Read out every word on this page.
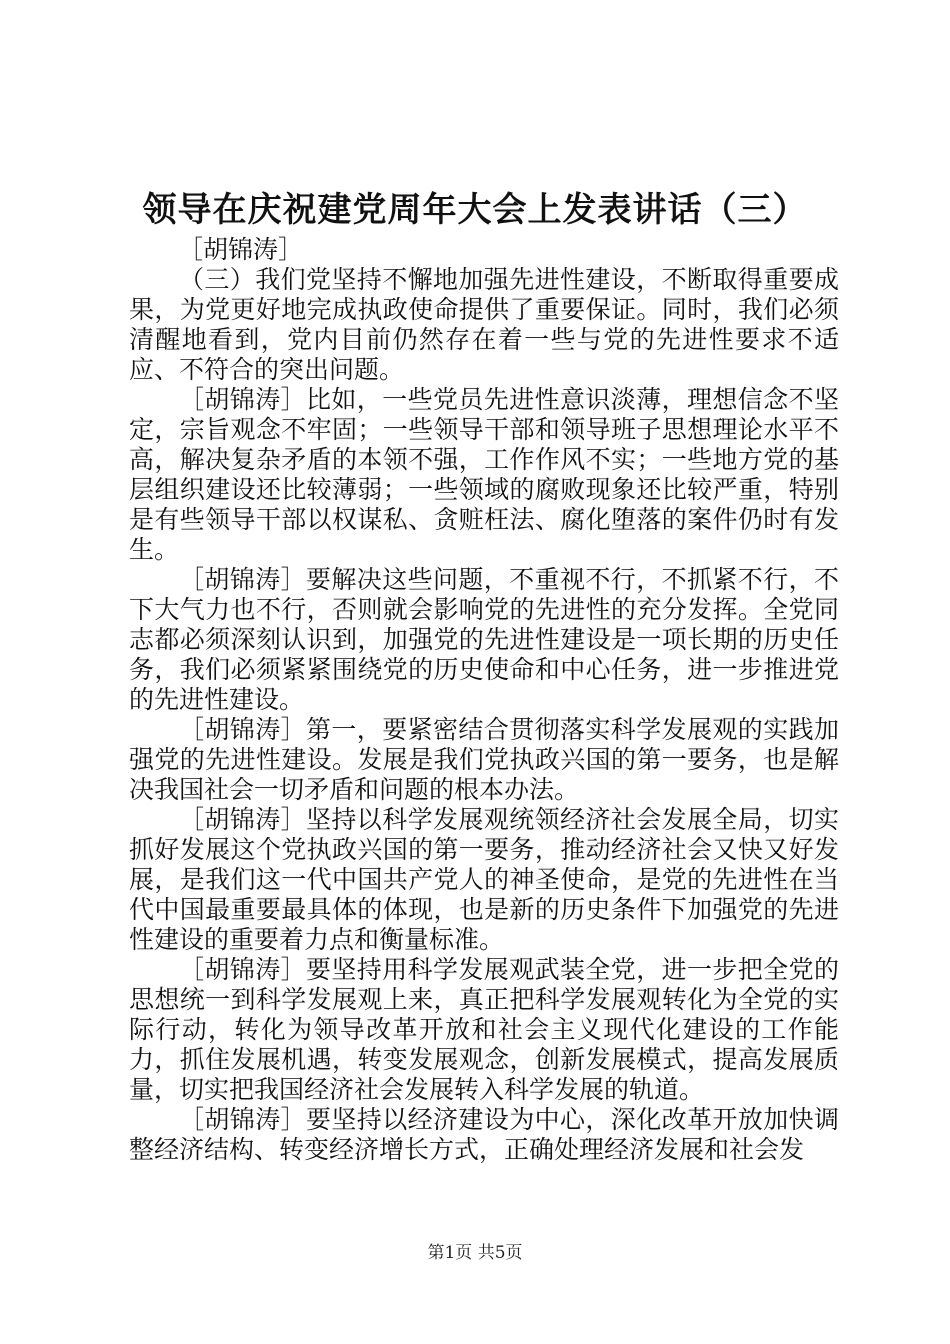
领导在庆祝建党周年大会上发表讲话（三）

［胡锦涛］

（三）我们党坚持不懈地加强先进性建设，不断取得重要成果，为党更好地完成执政使命提供了重要保证。同时，我们必须清醒地看到，党内目前仍然存在着一些与党的先进性要求不适应、不符合的突出问题。

［胡锦涛］比如，一些党员先进性意识淡薄，理想信念不坚定，宗旨观念不牢固；一些领导干部和领导班子思想理论水平不高，解决复杂矛盾的本领不强，工作作风不实；一些地方党的基层组织建设还比较薄弱；一些领域的腐败现象还比较严重，特别是有些领导干部以权谋私、贪赃枉法、腐化堕落的案件仍时有发生。

［胡锦涛］要解决这些问题，不重视不行，不抓紧不行，不下大气力也不行，否则就会影响党的先进性的充分发挥。全党同志都必须深刻认识到，加强党的先进性建设是一项长期的历史任务，我们必须紧紧围绕党的历史使命和中心任务，进一步推进党的先进性建设。

［胡锦涛］第一，要紧密结合贯彻落实科学发展观的实践加强党的先进性建设。发展是我们党执政兴国的第一要务，也是解决我国社会一切矛盾和问题的根本办法。

［胡锦涛］坚持以科学发展观统领经济社会发展全局，切实抓好发展这个党执政兴国的第一要务，推动经济社会又快又好发展，是我们这一代中国共产党人的神圣使命，是党的先进性在当代中国最重要最具体的体现，也是新的历史条件下加强党的先进性建设的重要着力点和衡量标准。

［胡锦涛］要坚持用科学发展观武装全党，进一步把全党的思想统一到科学发展观上来，真正把科学发展观转化为全党的实际行动，转化为领导改革开放和社会主义现代化建设的工作能力，抓住发展机遇，转变发展观念，创新发展模式，提高发展质量，切实把我国经济社会发展转入科学发展的轨道。

［胡锦涛］要坚持以经济建设为中心，深化改革开放加快调整经济结构、转变经济增长方式，正确处理经济发展和社会发

第1页 共5页
